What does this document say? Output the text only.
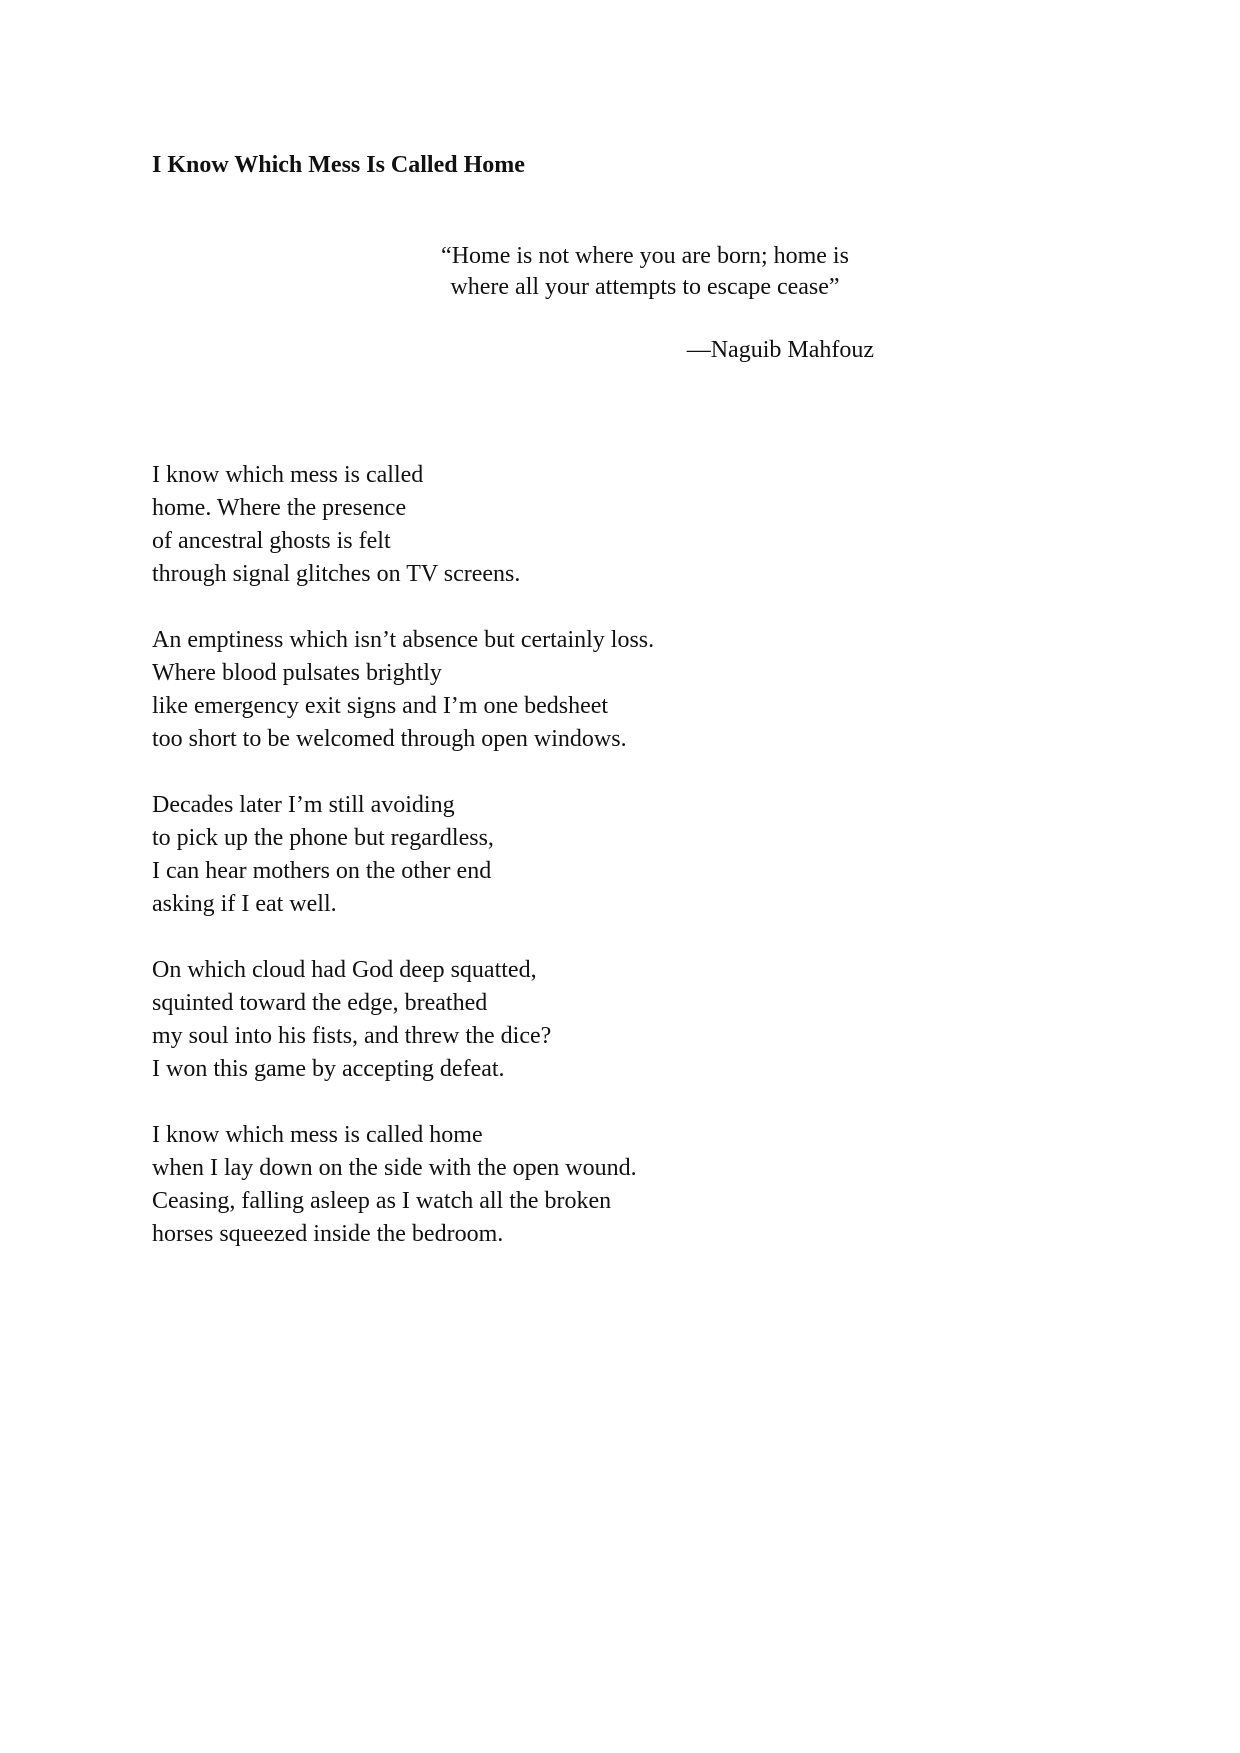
I Know Which Mess Is Called Home
“Home is not where you are born; home is
where all your attempts to escape cease”
—Naguib Mahfouz
I know which mess is called
home. Where the presence
of ancestral ghosts is felt
through signal glitches on TV screens.
An emptiness which isn’t absence but certainly loss.
Where blood pulsates brightly
like emergency exit signs and I’m one bedsheet
too short to be welcomed through open windows.
Decades later I’m still avoiding
to pick up the phone but regardless,
I can hear mothers on the other end
asking if I eat well.
On which cloud had God deep squatted,
squinted toward the edge, breathed
my soul into his fists, and threw the dice?
I won this game by accepting defeat.
I know which mess is called home
when I lay down on the side with the open wound.
Ceasing, falling asleep as I watch all the broken
horses squeezed inside the bedroom.
